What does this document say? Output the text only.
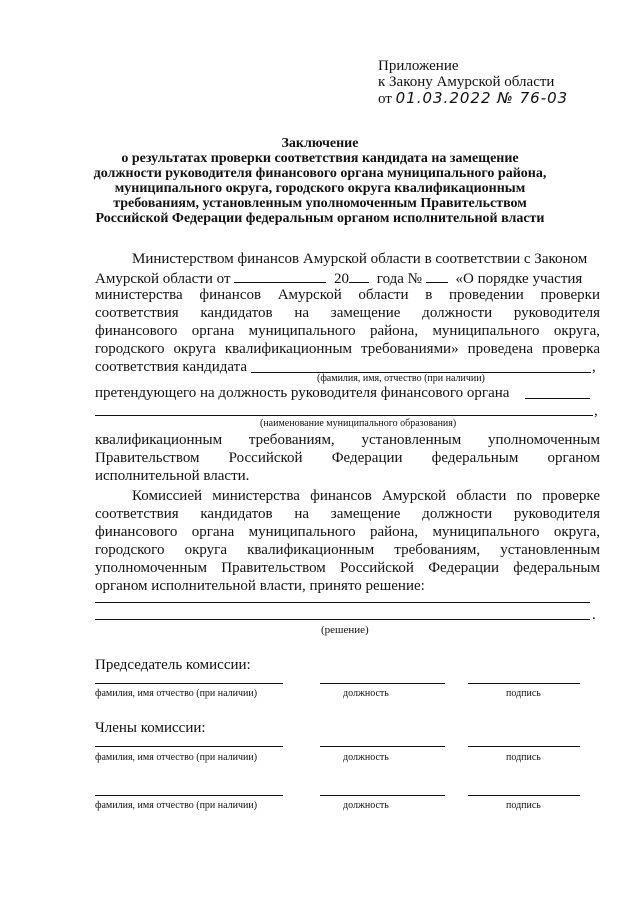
Приложение
к Закону Амурской области
от 01.03.2022 № 76-03
Заключение
о результатах проверки соответствия кандидата на замещение
должности руководителя финансового органа муниципального района,
муниципального округа, городского округа квалификационным
требованиям, установленным уполномоченным Правительством
Российской Федерации федеральным органом исполнительной власти
Министерством финансов Амурской области в соответствии с Законом
Амурской области от	20 года № «О порядке участия
министерства финансов Амурской области в проведении проверки
соответствия кандидатов на замещение должности руководителя
финансового органа муниципального района, муниципального округа,
городского округа квалификационным требованиями» проведена проверка
соответствия кандидата	,
(фамилия, имя, отчество (при наличии)
претендующего на должность руководителя финансового органа
,
(наименование муниципального образования)
квалификационным требованиям, установленным уполномоченным
Правительством Российской Федерации федеральным органом
исполнительной власти.
Комиссией министерства финансов Амурской области по проверке
соответствия кандидатов на замещение должности руководителя
финансового органа муниципального района, муниципального округа,
городского округа квалификационным требованиям, установленным
уполномоченным Правительством Российской Федерации федеральным
органом исполнительной власти, принято решение:
.
(решение)
Председатель комиссии:
фамилия, имя отчество (при наличии)	должность	подпись
Члены комиссии:
фамилия, имя отчество (при наличии)	должность	подпись
фамилия, имя отчество (при наличии)	должность	подпись
